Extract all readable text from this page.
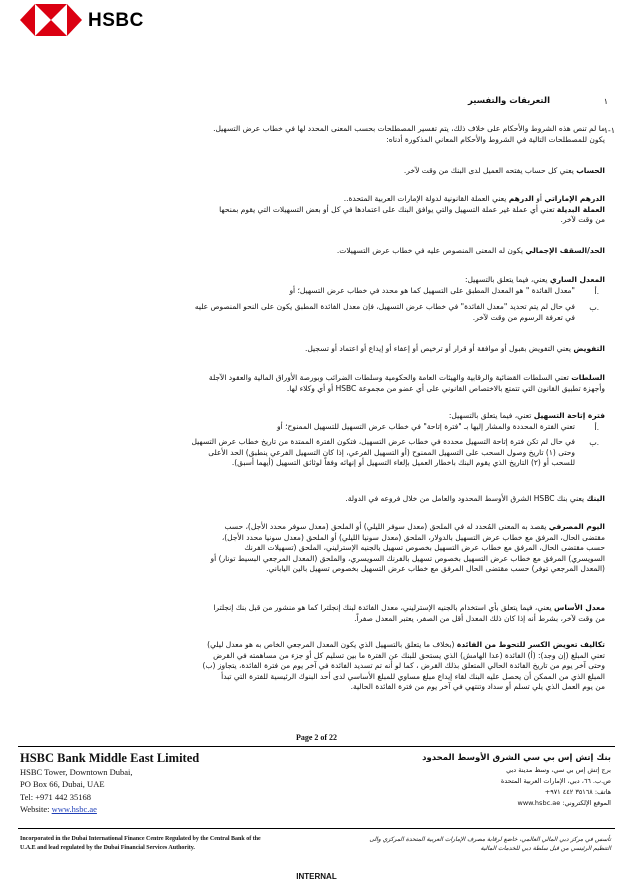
HSBC
١
التعريفات والتفسير
١-١
ما لم تنص هذه الشروط والأحكام على خلاف ذلك، يتم تفسير المصطلحات بحسب المعنى المحدد لها في خطاب عرض التسهيل.
يكون للمصطلحات التالية في الشروط والأحكام المعاني المذكورة أدناه:
الحساب يعني كل حساب يفتحه العميل لدى البنك من وقت لآخر.
الدرهم الإماراتي أو الدرهم يعني العملة القانونية لدولة الإمارات العربية المتحدة..
العملة البديلة تعني أي عملة غير عملة التسهيل والتي يوافق البنك على اعتمادها في كل أو بعض التسهيلات التي يقوم بمنحها
من وقت لآخر.
الحد/السقف الإجمالي يكون له المعنى المنصوص عليه في خطاب عرض التسهيلات.
المعدل الساري يعني، فيما يتعلق بالتسهيل:
أ.
"معدل الفائدة " هو المعدل المطبق على التسهيل كما هو محدد في خطاب عرض التسهيل؛ أو
ب.
في حال لم يتم تحديد "معدل الفائدة" في خطاب عرض التسهيل، فإن معدل الفائدة المطبق يكون على النحو المنصوص عليه
في تعرفة الرسوم من وقت لآخر.
التفويض يعني التفويض بقبول أو موافقة أو قرار أو ترخيص أو إعفاء أو إيداع أو اعتماد أو تسجيل.
السلطات تعني السلطات القضائية والرقابية والهيئات العامة والحكومية وسلطات الضرائب وبورصة الأوراق المالية والعقود الآجلة
وأجهزة تطبيق القانون التي تتمتع بالاختصاص القانوني على أي عضو من مجموعة HSBC أو أي وكلاء لها.
فترة إتاحة التسهيل تعني، فيما يتعلق بالتسهيل:
أ.
تعني الفترة المحددة والمشار إليها بـ "فترة إتاحة" في خطاب عرض التسهيل للتسهيل الممنوح؛ أو
ب.
في حال لم تكن فترة إتاحة التسهيل محددة في خطاب عرض التسهيل، فتكون الفترة الممتدة من تاريخ خطاب عرض التسهيل
وحتى (١) تاريخ وصول السحب على التسهيل الممنوح (أو التسهيل الفرعي، إذا كان التسهيل الفرعي ينطبق) الحد الأعلى
للسحب أو (٢) التاريخ الذي يقوم البنك باخطار العميل بإلغاء التسهيل أو إنهائه وفقاً لوثائق التسهيل (أيهما أسبق).
البنك يعني بنك HSBC الشرق الأوسط المحدود والعامل من خلال فروعه في الدولة.
اليوم المصرفي يقصد به المعنى المُحدد له في الملحق (معدل سوفر الليلي) أو الملحق (معدل سوفر محدد الأجل)، حسب
مقتضى الحال، المرفق مع خطاب عرض التسهيل بالدولار، الملحق (معدل سونيا الليلي) أو الملحق (معدل سونيا محدد الأجل)،
حسب مقتضى الحال، المرفق مع خطاب عرض التسهيل بخصوص تسهيل بالجنيه الإسترليني، الملحق (تسهيلات الفرنك
السويسري) المرفق مع خطاب عرض التسهيل بخصوص تسهيل بالفرنك السويسري، والملحق (المعدل المرجعي البسيط تونار) أو
(المعدل المرجعي توفر) حسب مقتضى الحال المرفق مع خطاب عرض التسهيل بخصوص تسهيل بالين الياباني.
معدل الأساس يعني، فيما يتعلق بأي استخدام بالجنيه الإسترليني، معدل الفائدة لبنك إنجلترا كما هو منشور من قبل بنك إنجلترا
من وقت لآخر، بشرط أنه إذا كان ذلك المعدل أقل من الصفر، يعتبر المعدل صفراً.
تكاليف تعويض الكسر للتحوط من الفائدة (بخلاف ما يتعلق بالتسهيل الذي يكون المعدل المرجعي الخاص به هو معدل ليلي)
تعني المبلغ (إن وجد): (أ) الفائدة (عدا الهامش) الذي يستحق للبنك عن الفترة ما بين تسليم كل أو جزء من مساهمته في القرض
وحتى آخر يوم من تاريخ الفائدة الحالي المتعلق بذلك القرض ، كما لو أنه تم تسديد الفائدة في آخر يوم من فترة الفائدة، يتجاوز (ب)
المبلغ الذي من الممكن أن يحصل عليه البنك لقاء إيداع مبلغ مساوي للمبلغ الأساسي لدى أحد البنوك الرئيسية للفترة التي تبدأ
من يوم العمل الذي يلي تسلم أو سداد وتنتهي في آخر يوم من فترة الفائدة الحالية.
Page 2 of 22
HSBC Bank Middle East Limited
HSBC Tower, Downtown Dubai,
PO Box 66, Dubai, UAE
Tel: +971 442 35168
Website: www.hsbc.ae
بنك إتش إس بي سي الشرق الأوسط المحدود
برج إتش إس بي سي، وسط مدينة دبي
ص.ب. ٦٦، دبي، الإمارات العربية المتحدة
هاتف: ٣٥١٦٨ ٤٤٢ ٩٧١+
الموقع الإلكتروني: www.hsbc.ae
Incorporated in the Dubai International Finance Centre Regulated by the Central Bank of the
U.A.E and lead regulated by the Dubai Financial Services Authority.
تأسس في مركز دبي المالي العالمي، خاضع لرقابة مصرف الإمارات العربية المتحدة المركزي والى
التنظيم الرئيسي من قبل سلطة دبي للخدمات المالية
INTERNAL
